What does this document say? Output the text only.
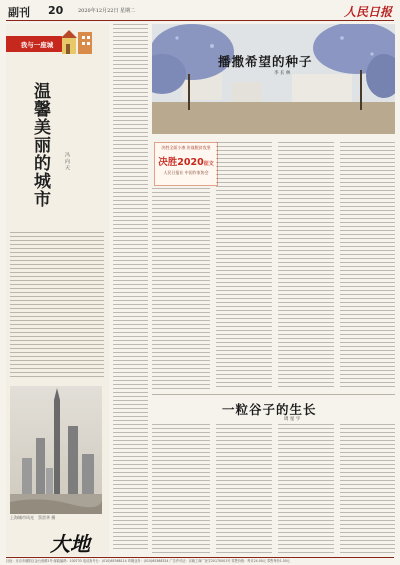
副刊 20	2020年12月22日 星期二	人民日报
我与一座城
温馨美丽的城市	冯 向 天
上海城市风光　蔡雷华 摄
大地
播撒希望的种子
李 长 林
决胜全面小康 决战脱贫攻坚
决胜2020征文
人民日报社 中国作家协会
一粒谷子的生长
周 星 宇
社址：北京市朝阳区金台西路2号 邮政编码：100733 电话查号台：(010)65368114 印刷业务：(010)65368324 广告许可证：京朝工商广登字20170001号 零售价格：每月24.00元 零售每份1.50元
